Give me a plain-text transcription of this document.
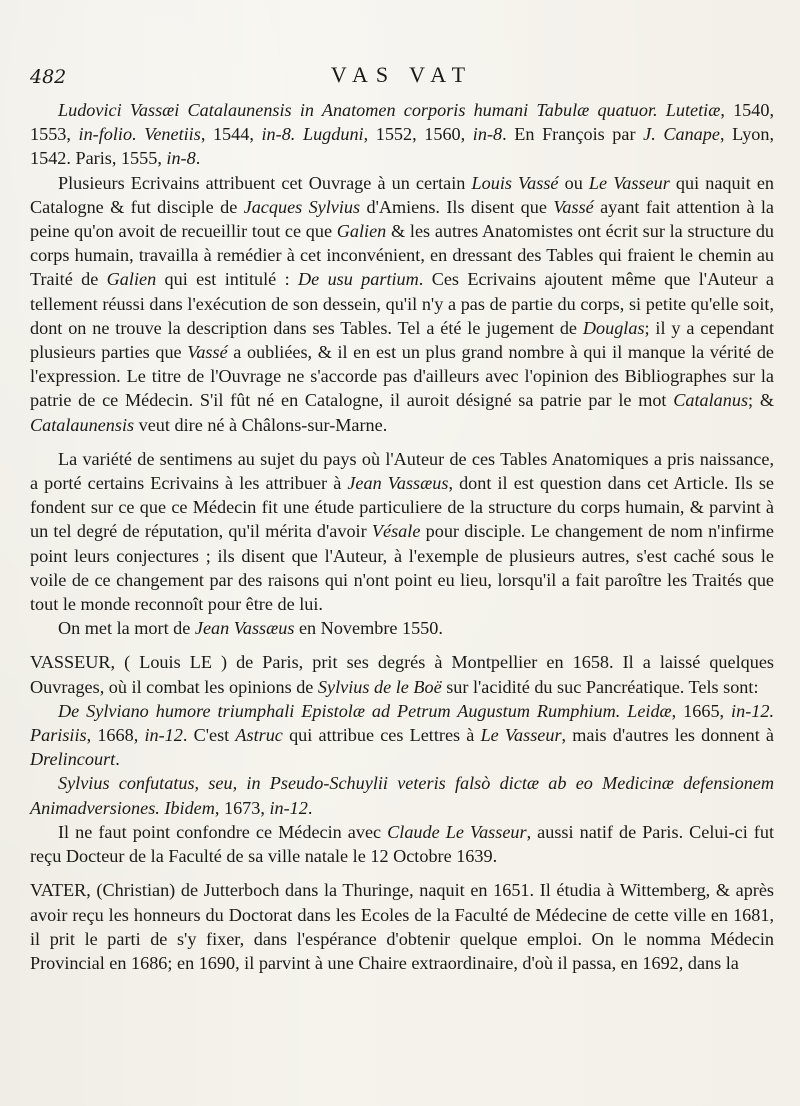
482	VAS VAT

Ludovici Vassæi Catalaunensis in Anatomen corporis humani Tabulæ quatuor. Lutetiæ, 1540, 1553, in-folio. Venetiis, 1544, in-8. Lugduni, 1552, 1560, in-8. En François par J. Canape, Lyon, 1542. Paris, 1555, in-8.

Plusieurs Ecrivains attribuent cet Ouvrage à un certain Louis Vassé ou Le Vasseur qui naquit en Catalogne & fut disciple de Jacques Sylvius d'Amiens. Ils disent que Vassé ayant fait attention à la peine qu'on avoit de recueillir tout ce que Galien & les autres Anatomistes ont écrit sur la structure du corps humain, travailla à remédier à cet inconvénient, en dressant des Tables qui fraient le chemin au Traité de Galien qui est intitulé : De usu partium. Ces Ecrivains ajoutent même que l'Auteur a tellement réussi dans l'exécution de son dessein, qu'il n'y a pas de partie du corps, si petite qu'elle soit, dont on ne trouve la description dans ses Tables. Tel a été le jugement de Douglas; il y a cependant plusieurs parties que Vassé a oubliées, & il en est un plus grand nombre à qui il manque la vérité de l'expression. Le titre de l'Ouvrage ne s'accorde pas d'ailleurs avec l'opinion des Bibliographes sur la patrie de ce Médecin. S'il fût né en Catalogne, il auroit désigné sa patrie par le mot Catalanus; & Catalaunensis veut dire né à Châlons-sur-Marne.

La variété de sentimens au sujet du pays où l'Auteur de ces Tables Anatomiques a pris naissance, a porté certains Ecrivains à les attribuer à Jean Vassæus, dont il est question dans cet Article. Ils se fondent sur ce que ce Médecin fit une étude particuliere de la structure du corps humain, & parvint à un tel degré de réputation, qu'il mérita d'avoir Vésale pour disciple. Le changement de nom n'infirme point leurs conjectures ; ils disent que l'Auteur, à l'exemple de plusieurs autres, s'est caché sous le voile de ce changement par des raisons qui n'ont point eu lieu, lorsqu'il a fait paroître les Traités que tout le monde reconnoît pour être de lui.

On met la mort de Jean Vassæus en Novembre 1550.

VASSEUR, ( Louis LE ) de Paris, prit ses degrés à Montpellier en 1658. Il a laissé quelques Ouvrages, où il combat les opinions de Sylvius de le Boë sur l'acidité du suc Pancréatique. Tels sont:

De Sylviano humore triumphali Epistolæ ad Petrum Augustum Rumphium. Leidæ, 1665, in-12. Parisiis, 1668, in-12. C'est Astruc qui attribue ces Lettres à Le Vasseur, mais d'autres les donnent à Drelincourt.

Sylvius confutatus, seu, in Pseudo-Schuylii veteris falsò dictæ ab eo Medicinæ defensionem Animadversiones. Ibidem, 1673, in-12.

Il ne faut point confondre ce Médecin avec Claude Le Vasseur, aussi natif de Paris. Celui-ci fut reçu Docteur de la Faculté de sa ville natale le 12 Octobre 1639.

VATER, (Christian) de Jutterboch dans la Thuringe, naquit en 1651. Il étudia à Wittemberg, & après avoir reçu les honneurs du Doctorat dans les Ecoles de la Faculté de Médecine de cette ville en 1681, il prit le parti de s'y fixer, dans l'espérance d'obtenir quelque emploi. On le nomma Médecin Provincial en 1686; en 1690, il parvint à une Chaire extraordinaire, d'où il passa, en 1692, dans la
